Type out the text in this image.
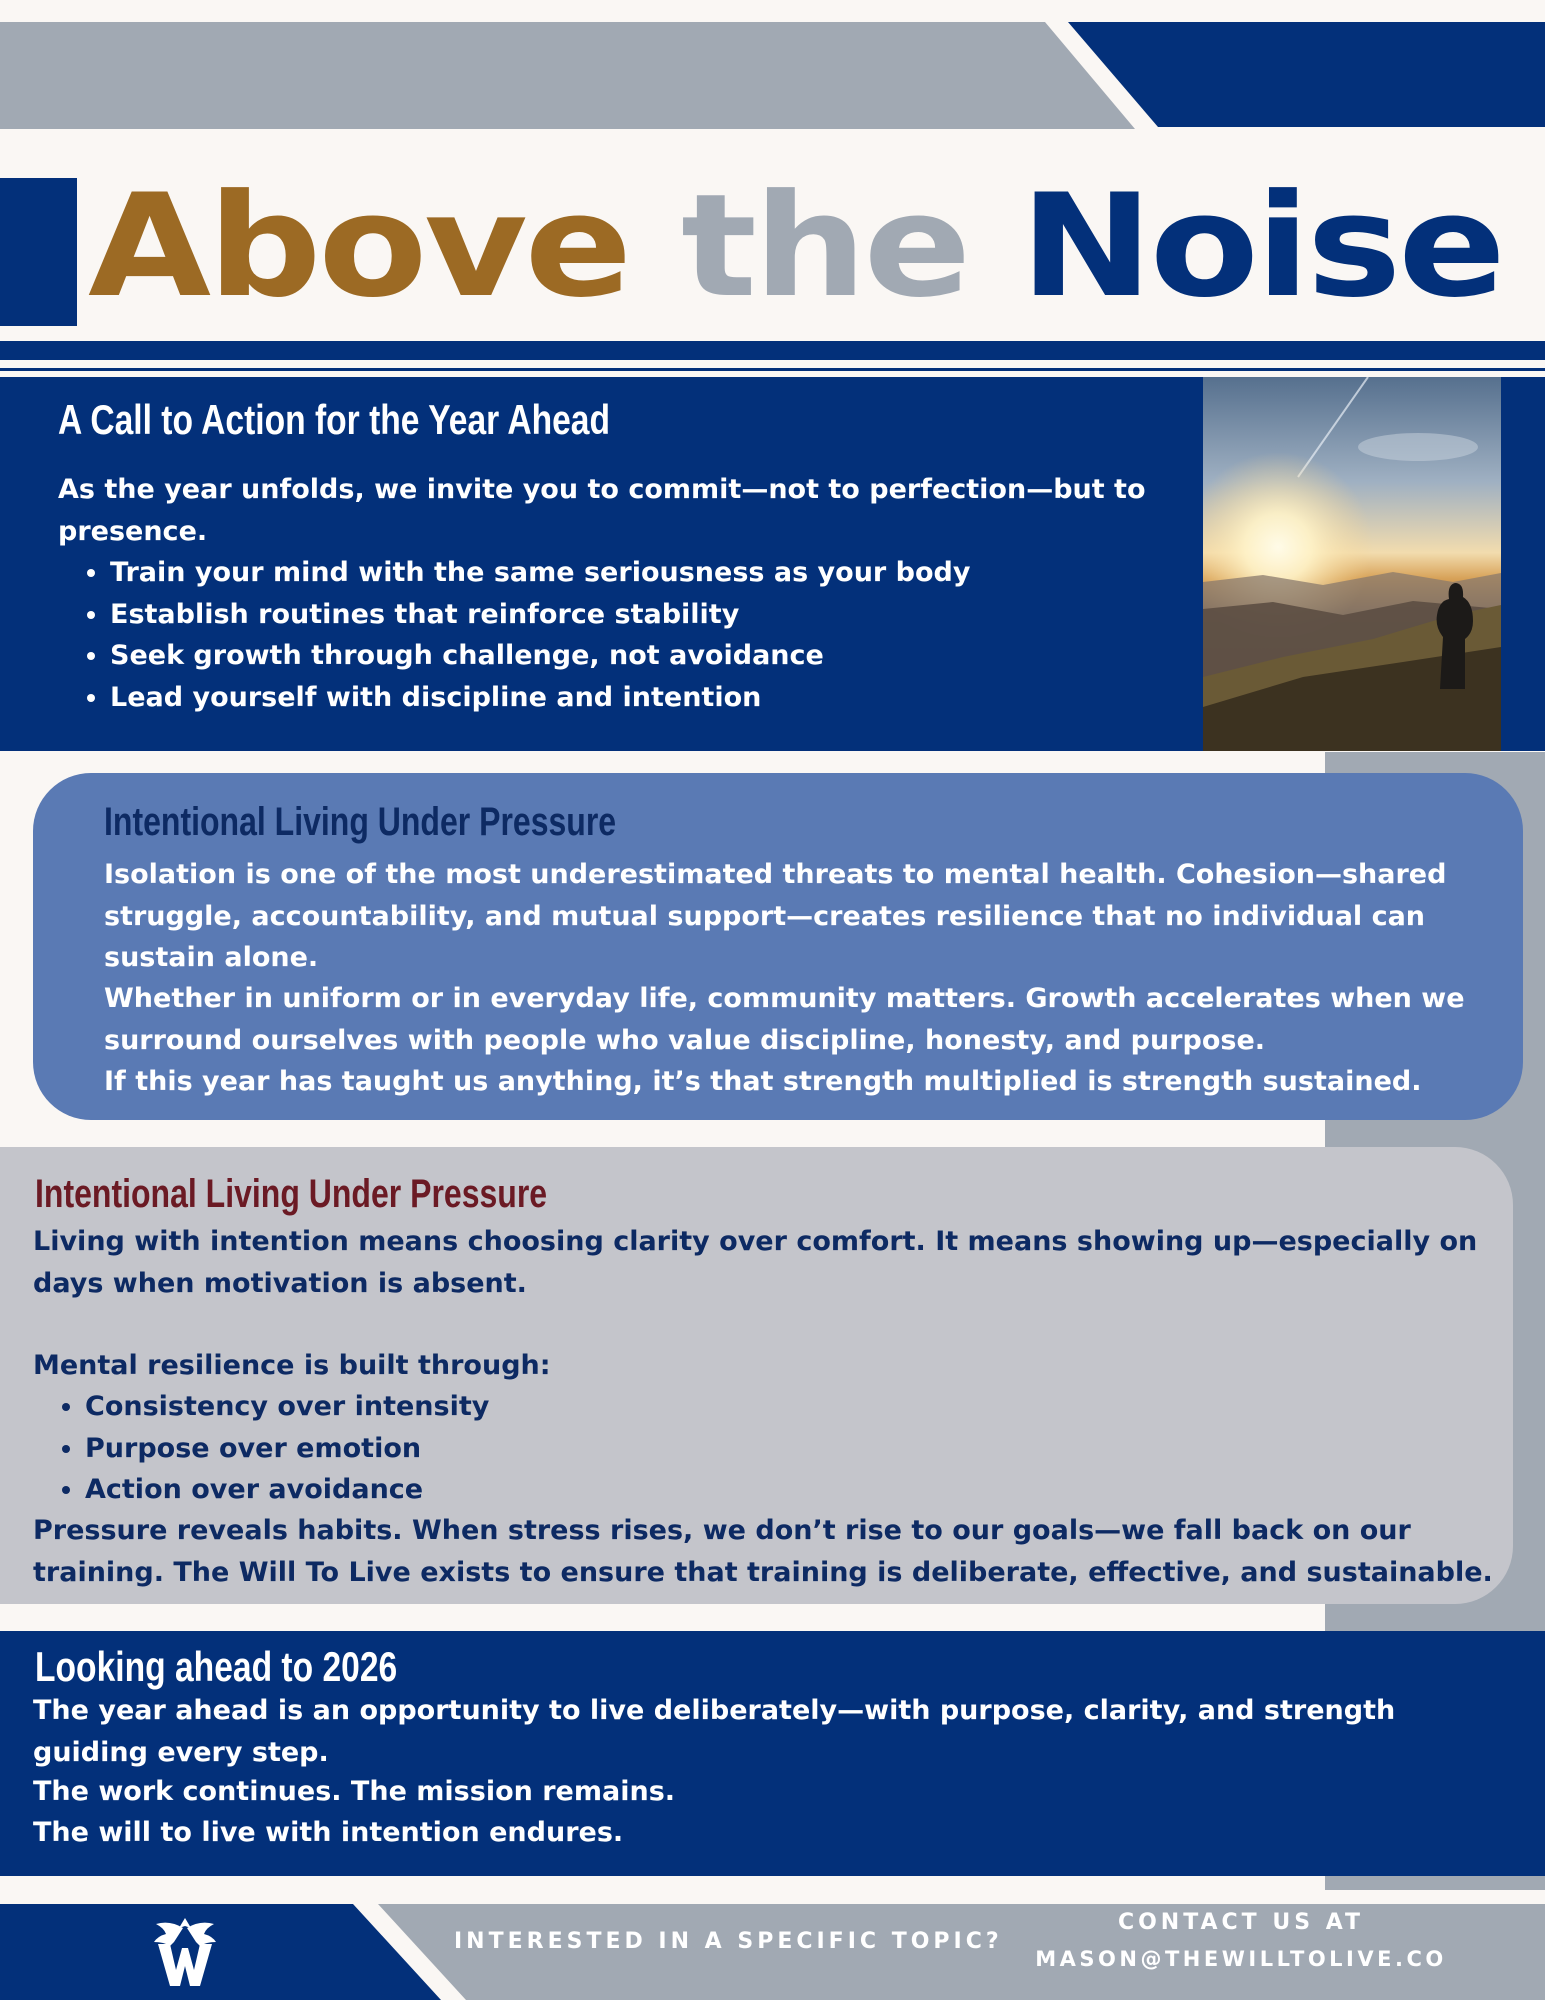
Above the Noise
A Call to Action for the Year Ahead

As the year unfolds, we invite you to commit—not to perfection—but to presence.

• Train your mind with the same seriousness as your body
• Establish routines that reinforce stability
• Seek growth through challenge, not avoidance
• Lead yourself with discipline and intention
Intentional Living Under Pressure

Isolation is one of the most underestimated threats to mental health. Cohesion—shared struggle, accountability, and mutual support—creates resilience that no individual can sustain alone.

Whether in uniform or in everyday life, community matters. Growth accelerates when we surround ourselves with people who value discipline, honesty, and purpose.

If this year has taught us anything, it’s that strength multiplied is strength sustained.

Intentional Living Under Pressure

Living with intention means choosing clarity over comfort. It means showing up—especially on days when motivation is absent.

Mental resilience is built through:

• Consistency over intensity
• Purpose over emotion
• Action over avoidance

Pressure reveals habits. When stress rises, we don’t rise to our goals—we fall back on our training. The Will To Live exists to ensure that training is deliberate, effective, and sustainable.

Looking ahead to 2026

The year ahead is an opportunity to live deliberately—with purpose, clarity, and strength guiding every step.

The work continues. The mission remains.

The will to live with intention endures.

INTERESTED IN A SPECIFIC TOPIC?

CONTACT US AT

MASON@THEWILLTOLIVE.CO
